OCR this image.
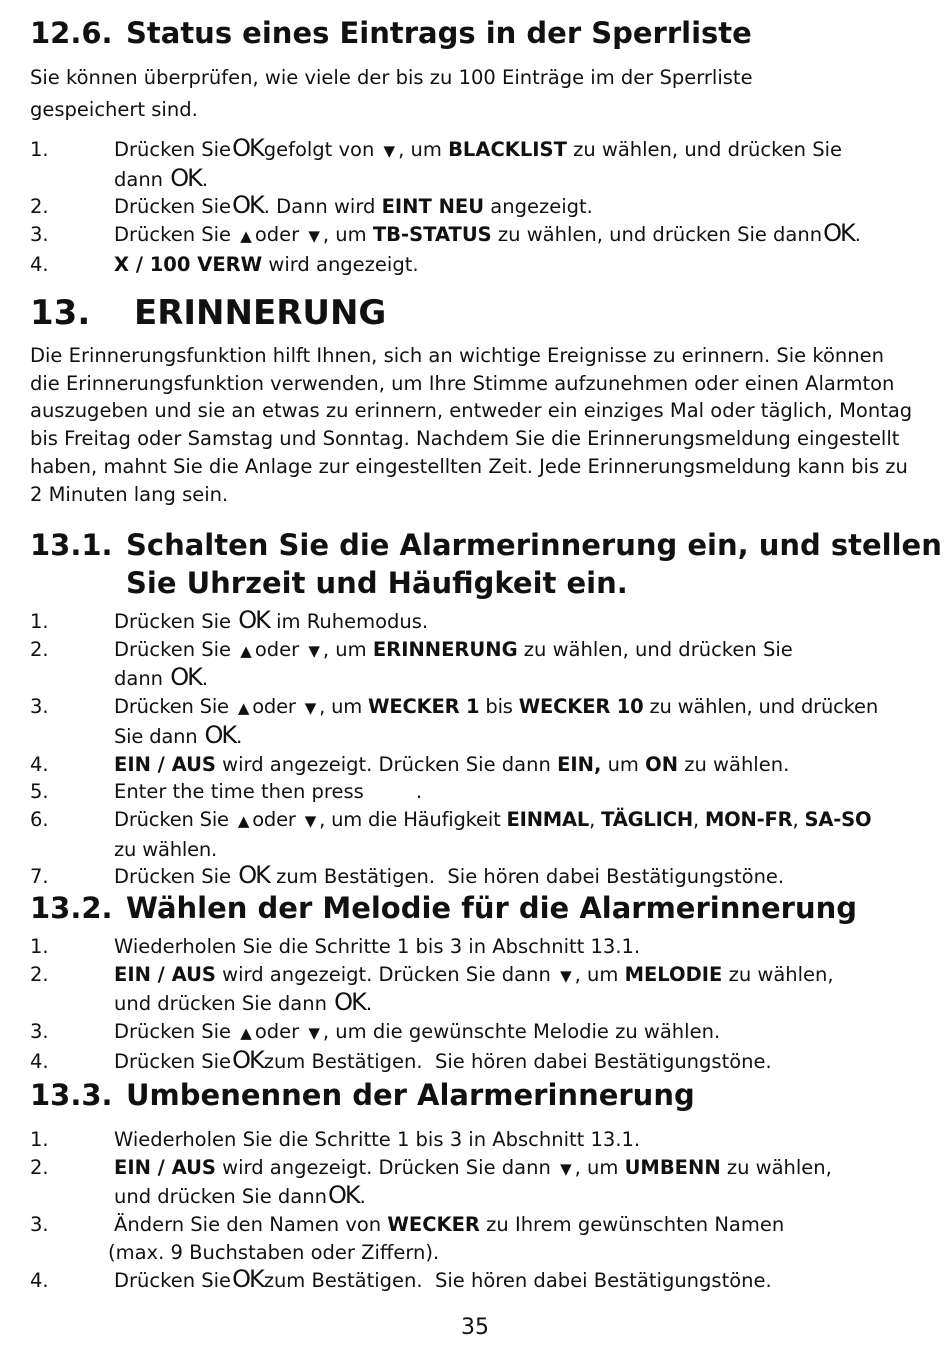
12.6. Status eines Eintrags in der Sperrliste

Sie können überprüfen, wie viele der bis zu 100 Einträge im der Sperrliste gespeichert sind.

1.	Drücken SieOKgefolgt von ▼ , um BLACKLIST zu wählen, und drücken Sie
dann OK.
2.	Drücken SieOK. Dann wird EINT NEU angezeigt.
3.	Drücken Sie ▲ oder ▼ , um TB-STATUS zu wählen, und drücken Sie dannOK.
4.	X / 100 VERW wird angezeigt.
13.	ERINNERUNG

Die Erinnerungsfunktion hilft Ihnen, sich an wichtige Ereignisse zu erinnern. Sie können die Erinnerungsfunktion verwenden, um Ihre Stimme aufzunehmen oder einen Alarmton auszugeben und sie an etwas zu erinnern, entweder ein einziges Mal oder täglich, Montag bis Freitag oder Samstag und Sonntag. Nachdem Sie die Erinnerungsmeldung eingestellt haben, mahnt Sie die Anlage zur eingestellten Zeit. Jede Erinnerungsmeldung kann bis zu 2 Minuten lang sein.

13.1. Schalten Sie die Alarmerinnerung ein, und stellen Sie Uhrzeit und Häufigkeit ein.
1.	Drücken Sie OK im Ruhemodus.
2.	Drücken Sie ▲ oder ▼ , um ERINNERUNG zu wählen, und drücken Sie
dann OK.
3.	Drücken Sie ▲ oder ▼ , um WECKER 1 bis WECKER 10 zu wählen, und drücken
Sie dann OK.
4.	EIN / AUS wird angezeigt. Drücken Sie dann EIN, um ON zu wählen.
5.	Enter the time then press	.
6.	Drücken Sie ▲ oder ▼ , um die Häufigkeit EINMAL, TÄGLICH, MON-FR, SA-SO
zu wählen.
7.	Drücken Sie OK zum Bestätigen.  Sie hören dabei Bestätigungstöne.
13.2. Wählen der Melodie für die Alarmerinnerung
1.	Wiederholen Sie die Schritte 1 bis 3 in Abschnitt 13.1.
2.	EIN / AUS wird angezeigt. Drücken Sie dann ▼ , um MELODIE zu wählen,
und drücken Sie dann OK.
3.	Drücken Sie ▲ oder ▼ , um die gewünschte Melodie zu wählen.
4.	Drücken SieOKzum Bestätigen.  Sie hören dabei Bestätigungstöne.
13.3. Umbenennen der Alarmerinnerung
1.	Wiederholen Sie die Schritte 1 bis 3 in Abschnitt 13.1.
2.	EIN / AUS wird angezeigt. Drücken Sie dann ▼ , um UMBENN zu wählen,
und drücken Sie dannOK.
3.	Ändern Sie den Namen von WECKER zu Ihrem gewünschten Namen
(max. 9 Buchstaben oder Ziffern).
4.	Drücken SieOKzum Bestätigen.  Sie hören dabei Bestätigungstöne.
35
